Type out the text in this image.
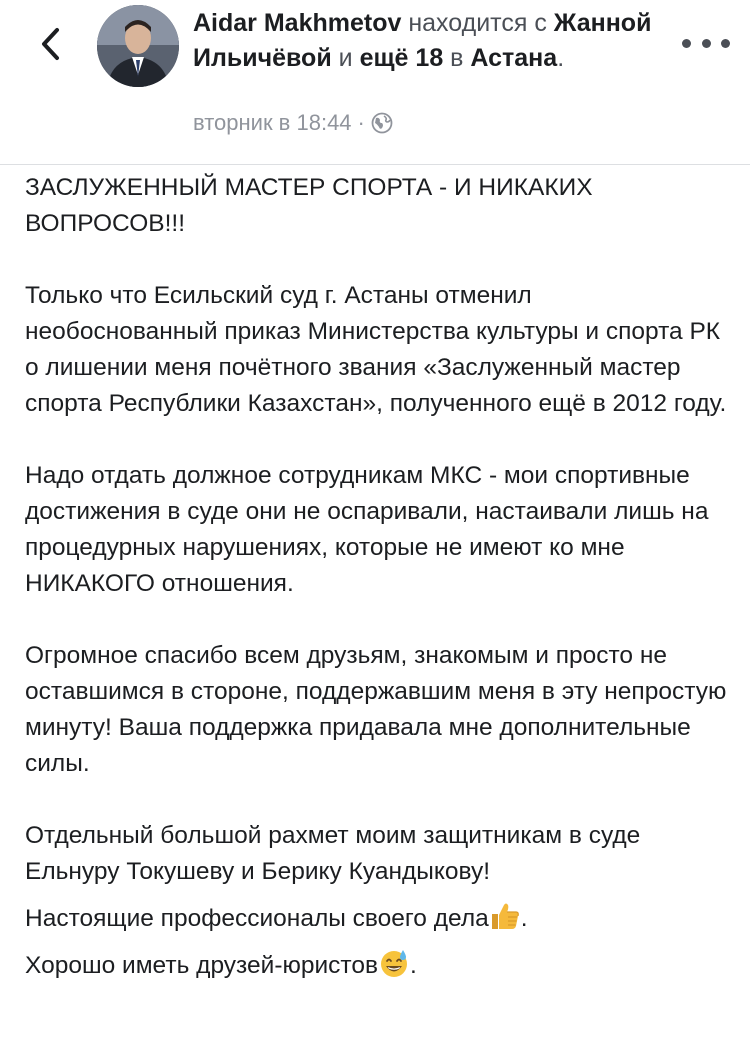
Aidar Makhmetov находится с Жанной Ильичёвой и ещё 18 в Астана.
вторник в 18:44 ·

ЗАСЛУЖЕННЫЙ МАСТЕР СПОРТА - И НИКАКИХ ВОПРОСОВ!!!

Только что Есильский суд г. Астаны отменил необоснованный приказ Министерства культуры и спорта РК о лишении меня почётного звания «Заслуженный мастер спорта Республики Казахстан», полученного ещё в 2012 году.

Надо отдать должное сотрудникам МКС - мои спортивные достижения в суде они не оспаривали, настаивали лишь на процедурных нарушениях, которые не имеют ко мне НИКАКОГО отношения.

Огромное спасибо всем друзьям, знакомым и просто не оставшимся в стороне, поддержавшим меня в эту непростую минуту! Ваша поддержка придавала мне дополнительные силы.

Отдельный большой рахмет моим защитникам в суде Ельнуру Токушеву и Берику Куандыкову!

Настоящие профессионалы своего дела .

Хорошо иметь друзей-юристов .
